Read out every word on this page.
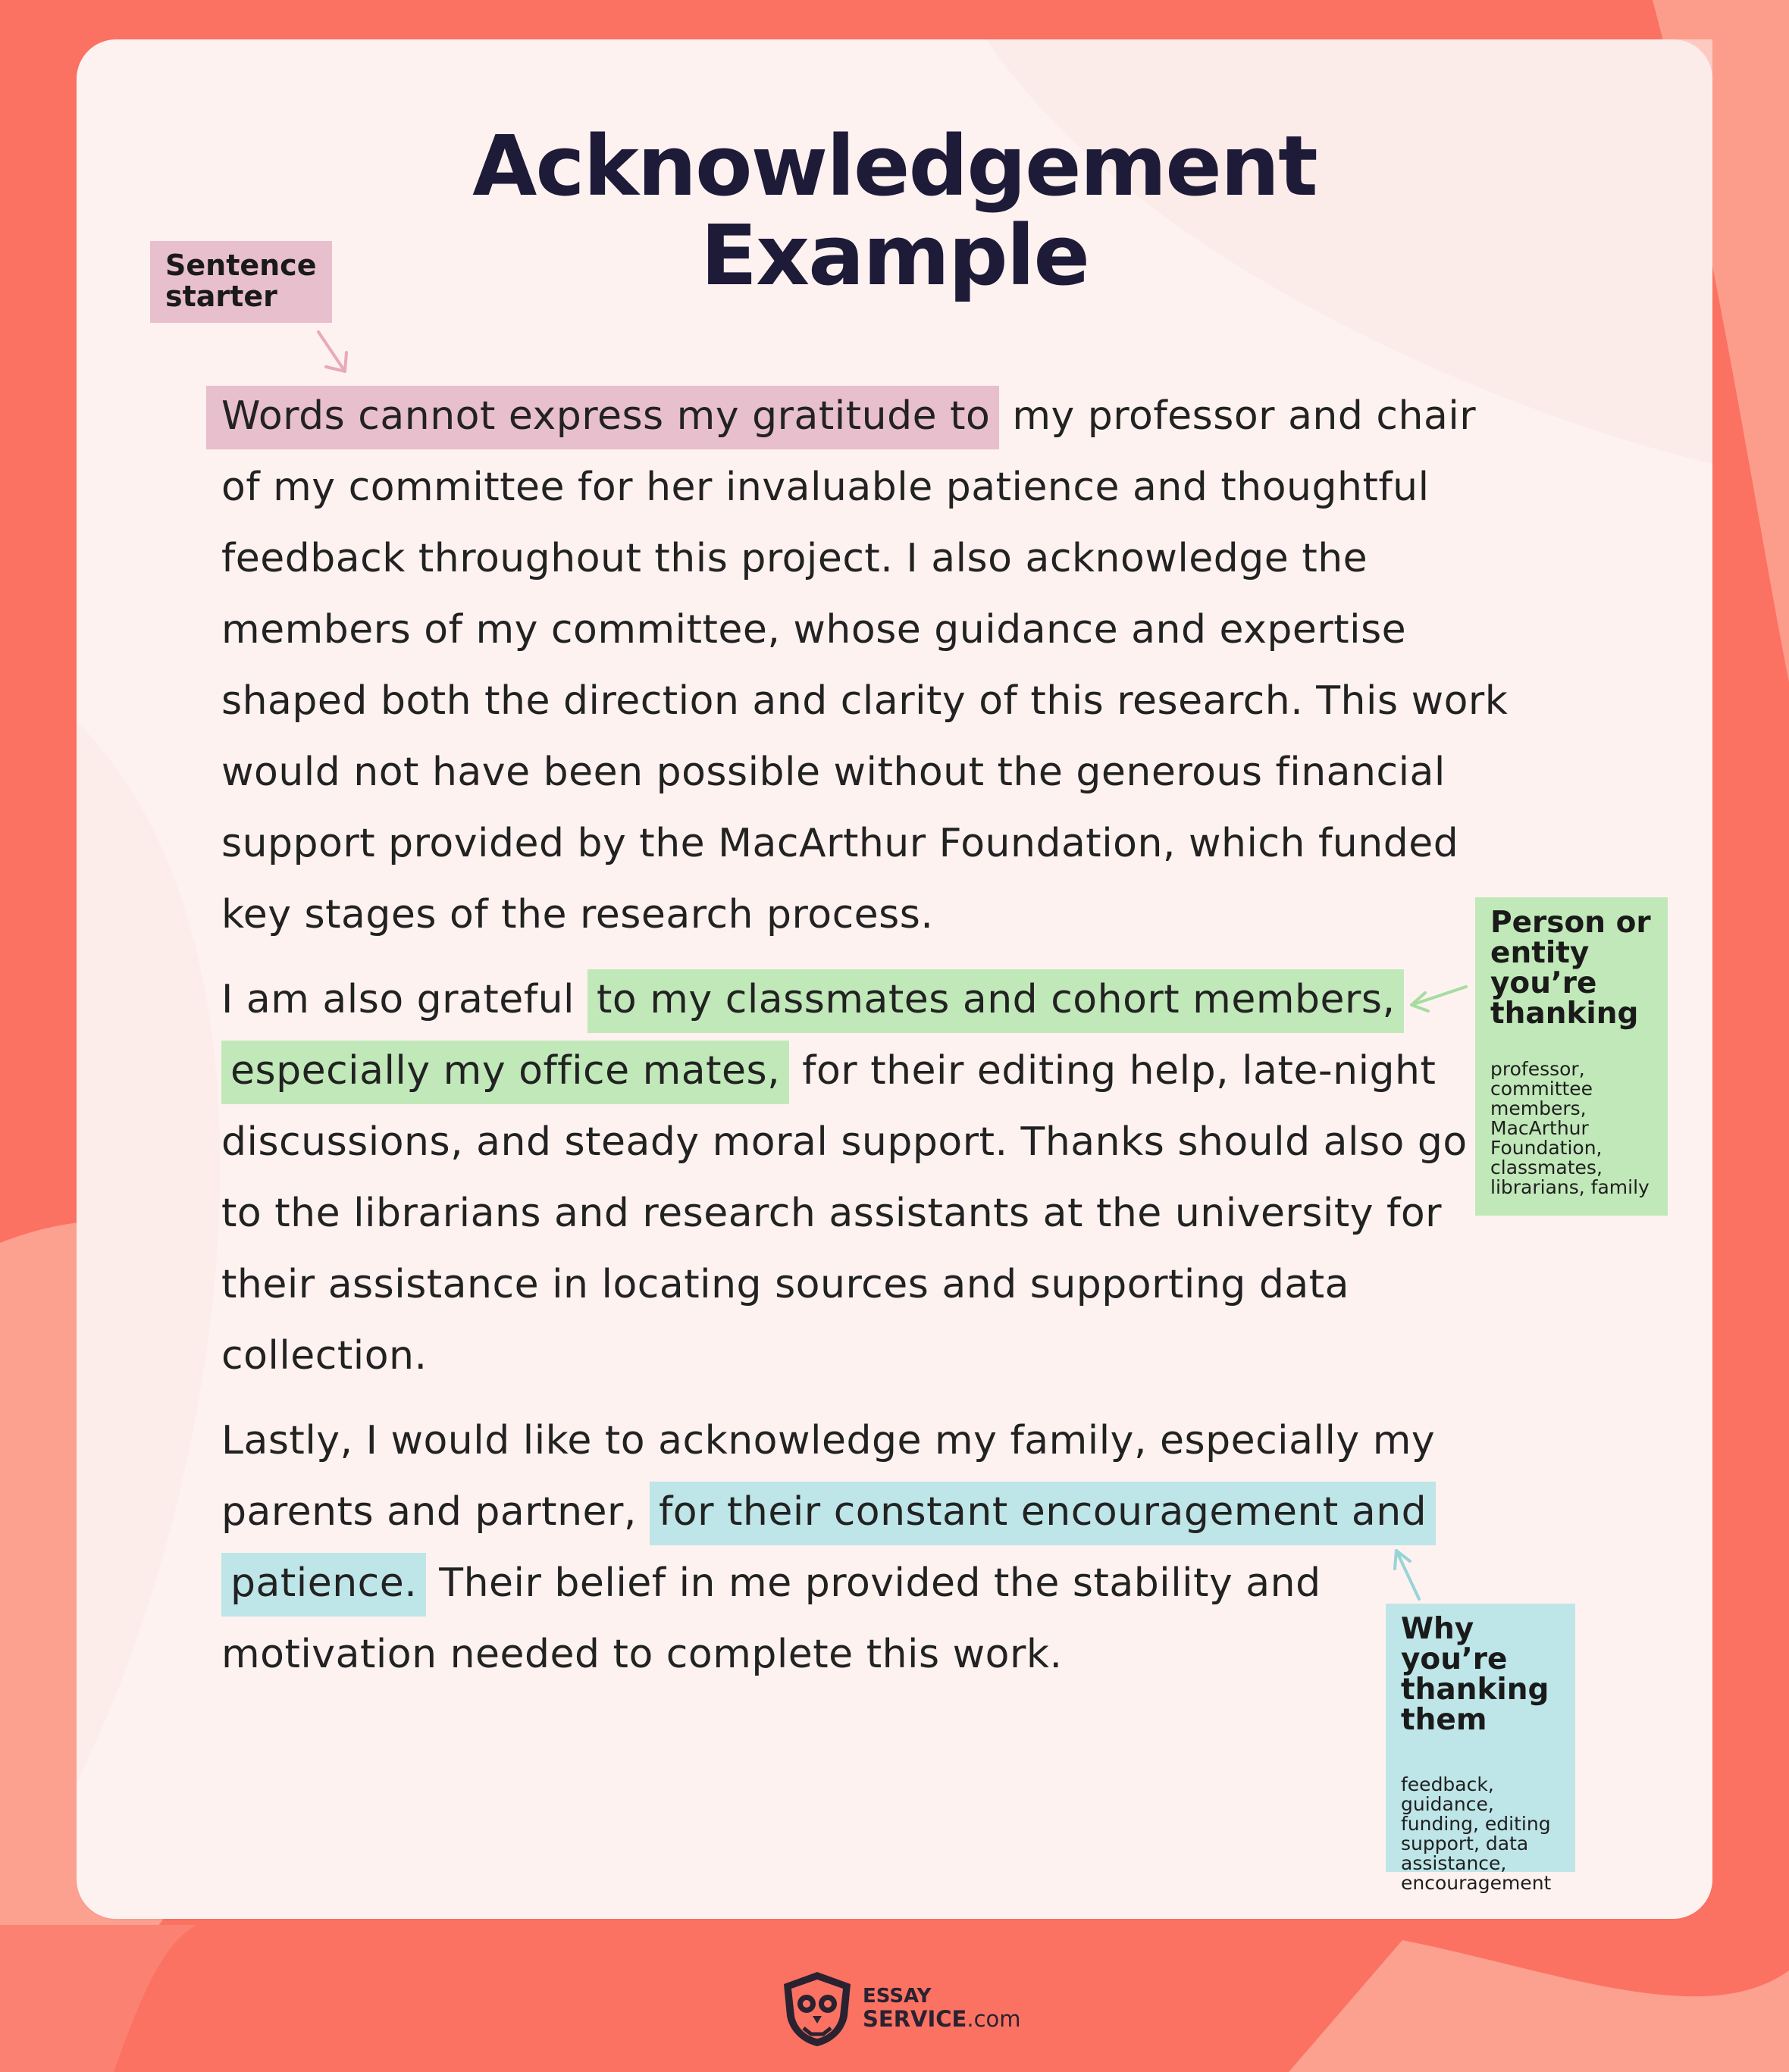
Acknowledgement
Example
Sentence starter
Person or entity you’re thanking
professor, committee members, MacArthur Foundation, classmates, librarians, family
Why you’re thanking them
feedback, guidance, funding, editing support, data assistance, encouragement

Words cannot express my gratitude to my professor and chair of my committee for her invaluable patience and thoughtful feedback throughout this project. I also acknowledge the members of my committee, whose guidance and expertise shaped both the direction and clarity of this research. This work would not have been possible without the generous financial support provided by the MacArthur Foundation, which funded key stages of the research process.

I am also grateful to my classmates and cohort members, especially my office mates, for their editing help, late-night discussions, and steady moral support. Thanks should also go to the librarians and research assistants at the university for their assistance in locating sources and supporting data collection.

Lastly, I would like to acknowledge my family, especially my parents and partner, for their constant encouragement and patience. Their belief in me provided the stability and motivation needed to complete this work.

ESSAY
SERVICE.com
